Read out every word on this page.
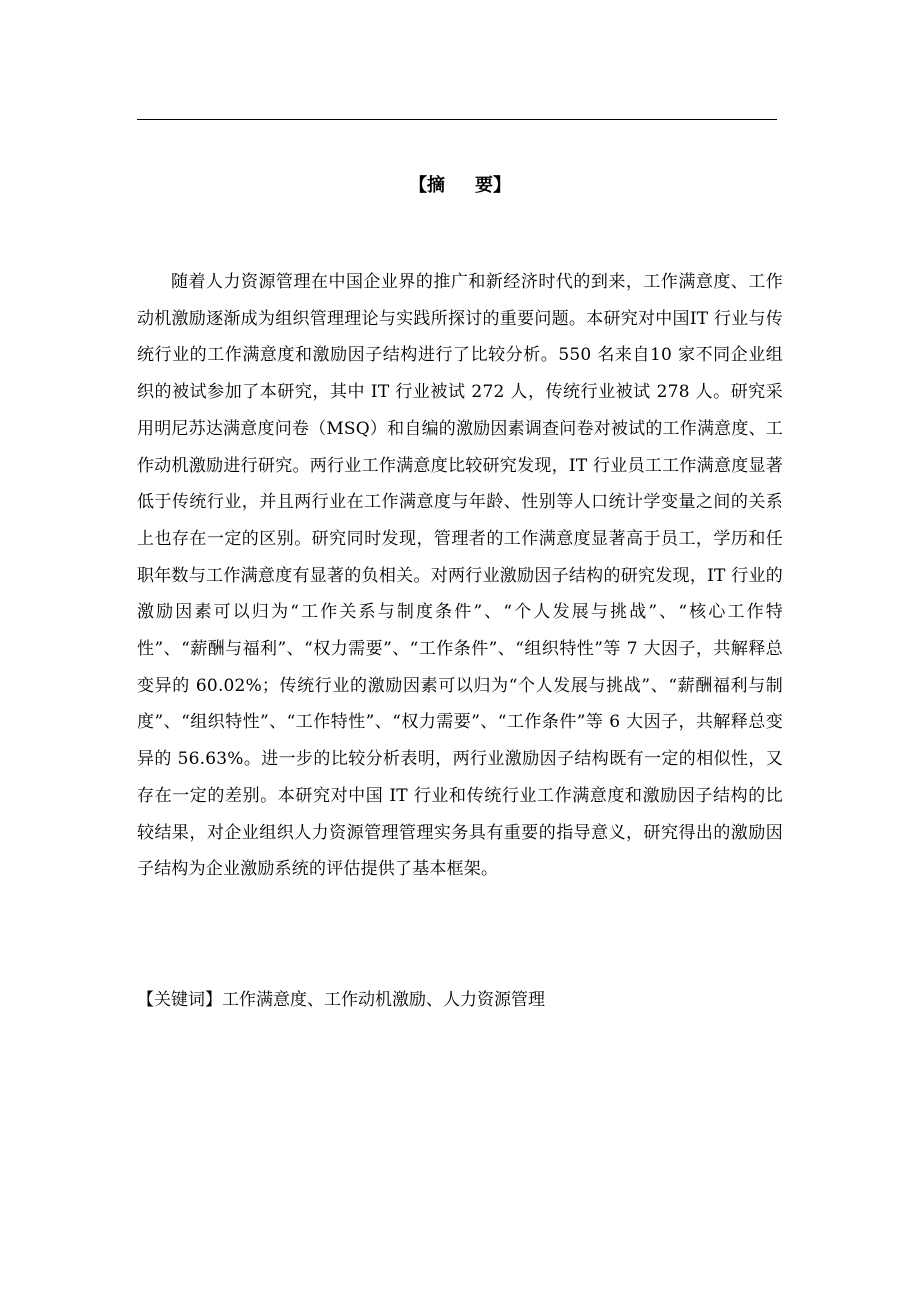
【摘 要】

随着人力资源管理在中国企业界的推广和新经济时代的到来，工作满意度、工作动机激励逐渐成为组织管理理论与实践所探讨的重要问题。本研究对中国IT 行业与传统行业的工作满意度和激励因子结构进行了比较分析。550 名来自10 家不同企业组织的被试参加了本研究，其中 IT 行业被试 272 人，传统行业被试 278 人。研究采用明尼苏达满意度问卷（MSQ）和自编的激励因素调查问卷对被试的工作满意度、工作动机激励进行研究。两行业工作满意度比较研究发现，IT 行业员工工作满意度显著低于传统行业，并且两行业在工作满意度与年龄、性别等人口统计学变量之间的关系上也存在一定的区别。研究同时发现，管理者的工作满意度显著高于员工，学历和任职年数与工作满意度有显著的负相关。对两行业激励因子结构的研究发现，IT 行业的激励因素可以归为“工作关系与制度条件”、“个人发展与挑战”、“核心工作特性”、“薪酬与福利”、“权力需要”、“工作条件”、“组织特性”等 7 大因子，共解释总变异的 60.02%；传统行业的激励因素可以归为“个人发展与挑战”、“薪酬福利与制度”、“组织特性”、“工作特性”、“权力需要”、“工作条件”等 6 大因子，共解释总变异的 56.63%。进一步的比较分析表明，两行业激励因子结构既有一定的相似性，又存在一定的差别。本研究对中国 IT 行业和传统行业工作满意度和激励因子结构的比较结果，对企业组织人力资源管理管理实务具有重要的指导意义，研究得出的激励因子结构为企业激励系统的评估提供了基本框架。

【关键词】工作满意度、工作动机激励、人力资源管理
